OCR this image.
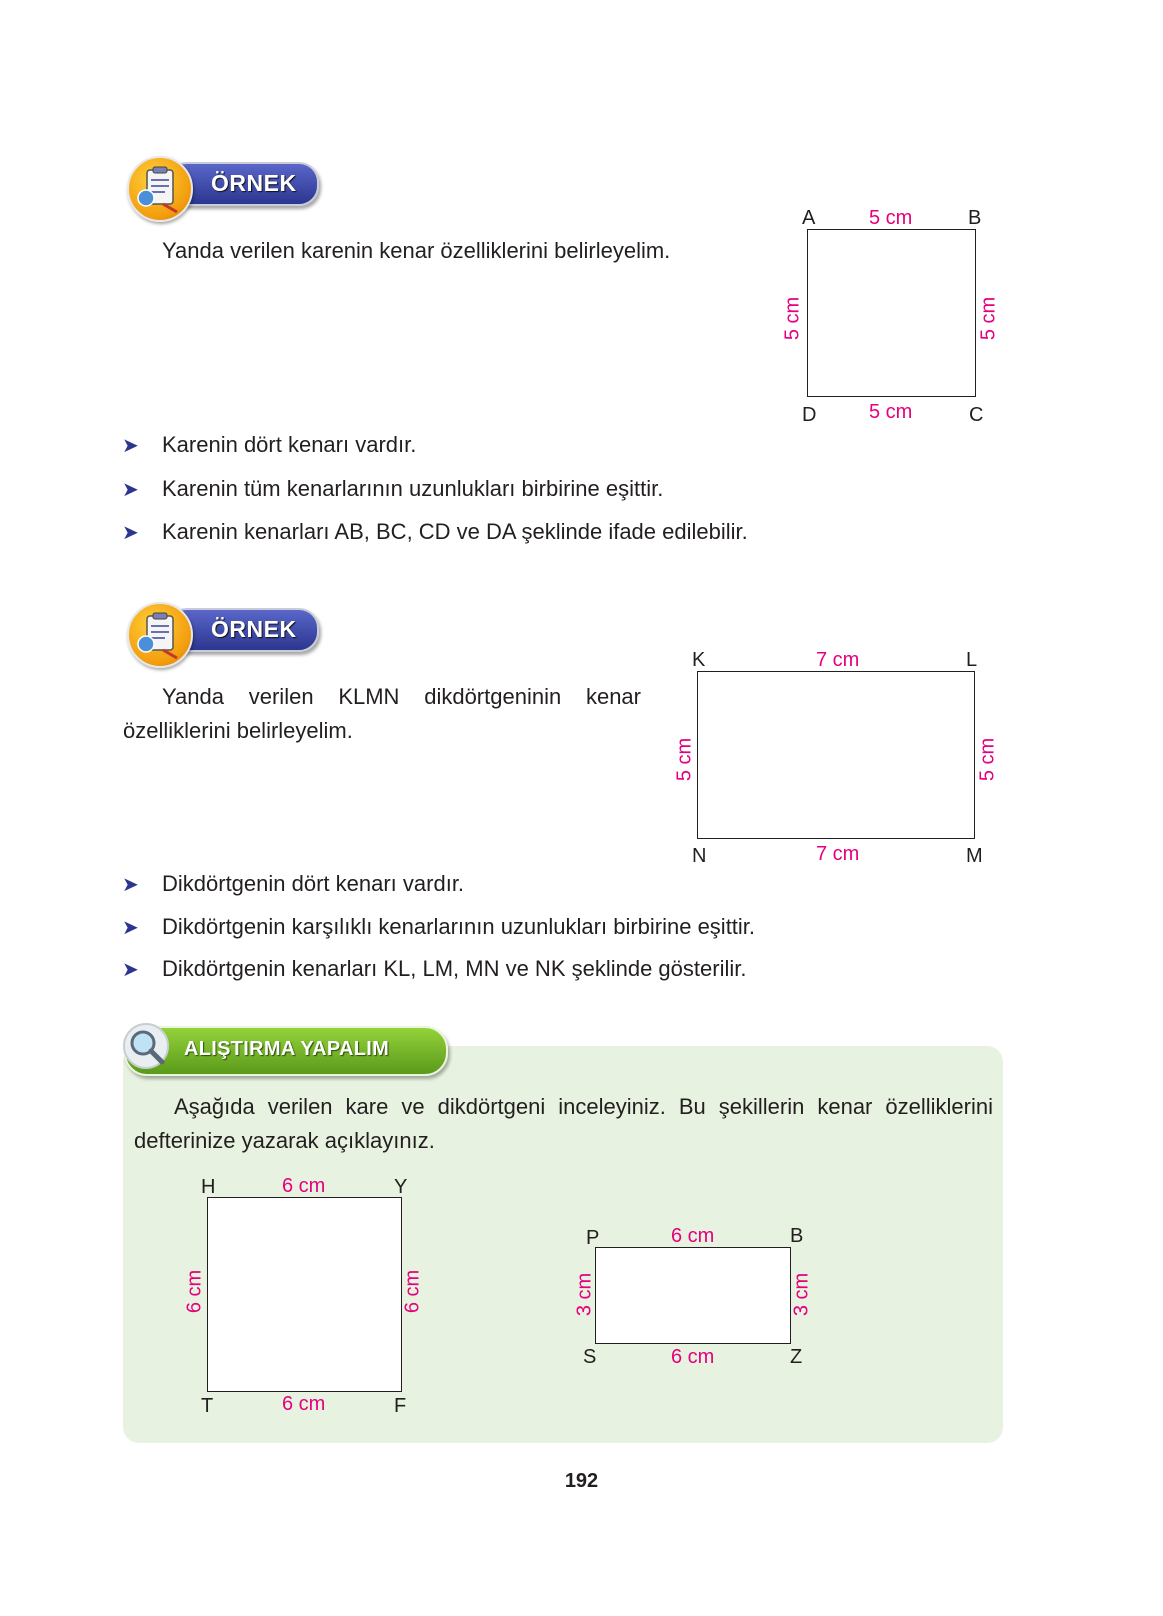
ÖRNEK
Yanda verilen karenin kenar özelliklerini belirleyelim.
A	B
D	C
5 cm
5 cm
5 cm	5 cm
➤	Karenin dört kenarı vardır.
➤	Karenin tüm kenarlarının uzunlukları birbirine eşittir.
➤	Karenin kenarları AB, BC, CD ve DA şeklinde ifade edilebilir.
ÖRNEK
Yanda verilen KLMN dikdörtgeninin kenar
özelliklerini belirleyelim.
K	L
N	M
7 cm
7 cm
5 cm	5 cm
➤	Dikdörtgenin dört kenarı vardır.
➤	Dikdörtgenin karşılıklı kenarlarının uzunlukları birbirine eşittir.
➤	Dikdörtgenin kenarları KL, LM, MN ve NK şeklinde gösterilir.
ALIŞTIRMA YAPALIM
Aşağıda verilen kare ve dikdörtgeni inceleyiniz. Bu şekillerin kenar özelliklerini
defterinize yazarak açıklayınız.
H	Y
T	F
6 cm
6 cm
6 cm	6 cm
P	B
S	Z
6 cm
6 cm
3 cm	3 cm
192
